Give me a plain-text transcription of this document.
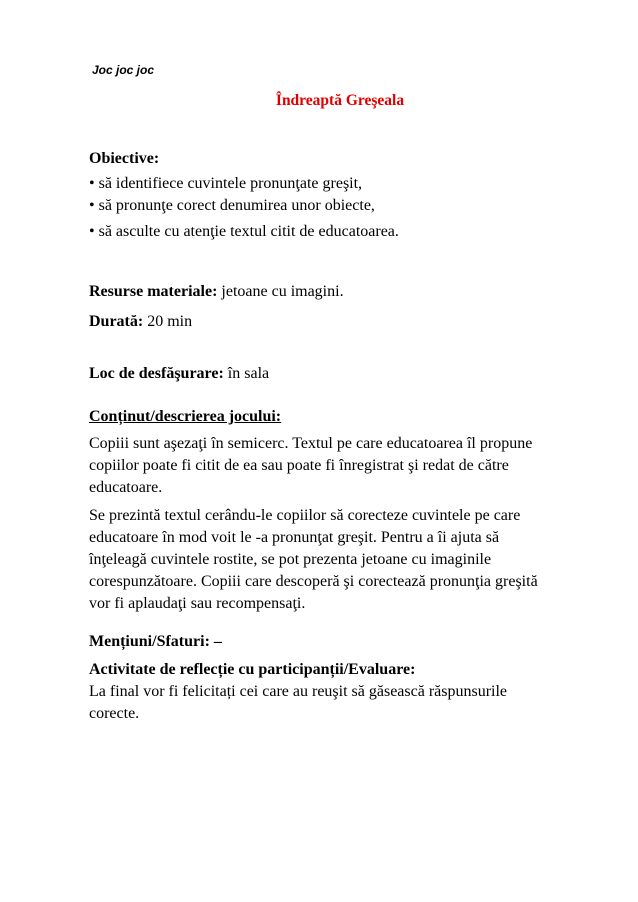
Joc joc joc
Îndreaptă Greşeala

Obiective:

• să identifiece cuvintele pronunţate greşit,

• să pronunţe corect denumirea unor obiecte,

• să asculte cu atenţie textul citit de educatoarea.

Resurse materiale: jetoane cu imagini.

Durată: 20 min

Loc de desfăşurare: în sala

Conținut/descrierea jocului:

Copiii sunt aşezaţi în semicerc. Textul pe care educatoarea îl propune copiilor poate fi citit de ea sau poate fi înregistrat şi redat de către educatoare.

Se prezintă textul cerându-le copiilor să corecteze cuvintele pe care educatoare în mod voit le -a pronunţat greşit. Pentru a îi ajuta să înţeleagă cuvintele rostite, se pot prezenta jetoane cu imaginile corespunzătoare. Copiii care descoperă şi corectează pronunţia greşită vor fi aplaudaţi sau recompensaţi.

Mențiuni/Sfaturi: –

Activitate de reflecție cu participanții/Evaluare:

La final vor fi felicitați cei care au reuşit să găsească răspunsurile corecte.
